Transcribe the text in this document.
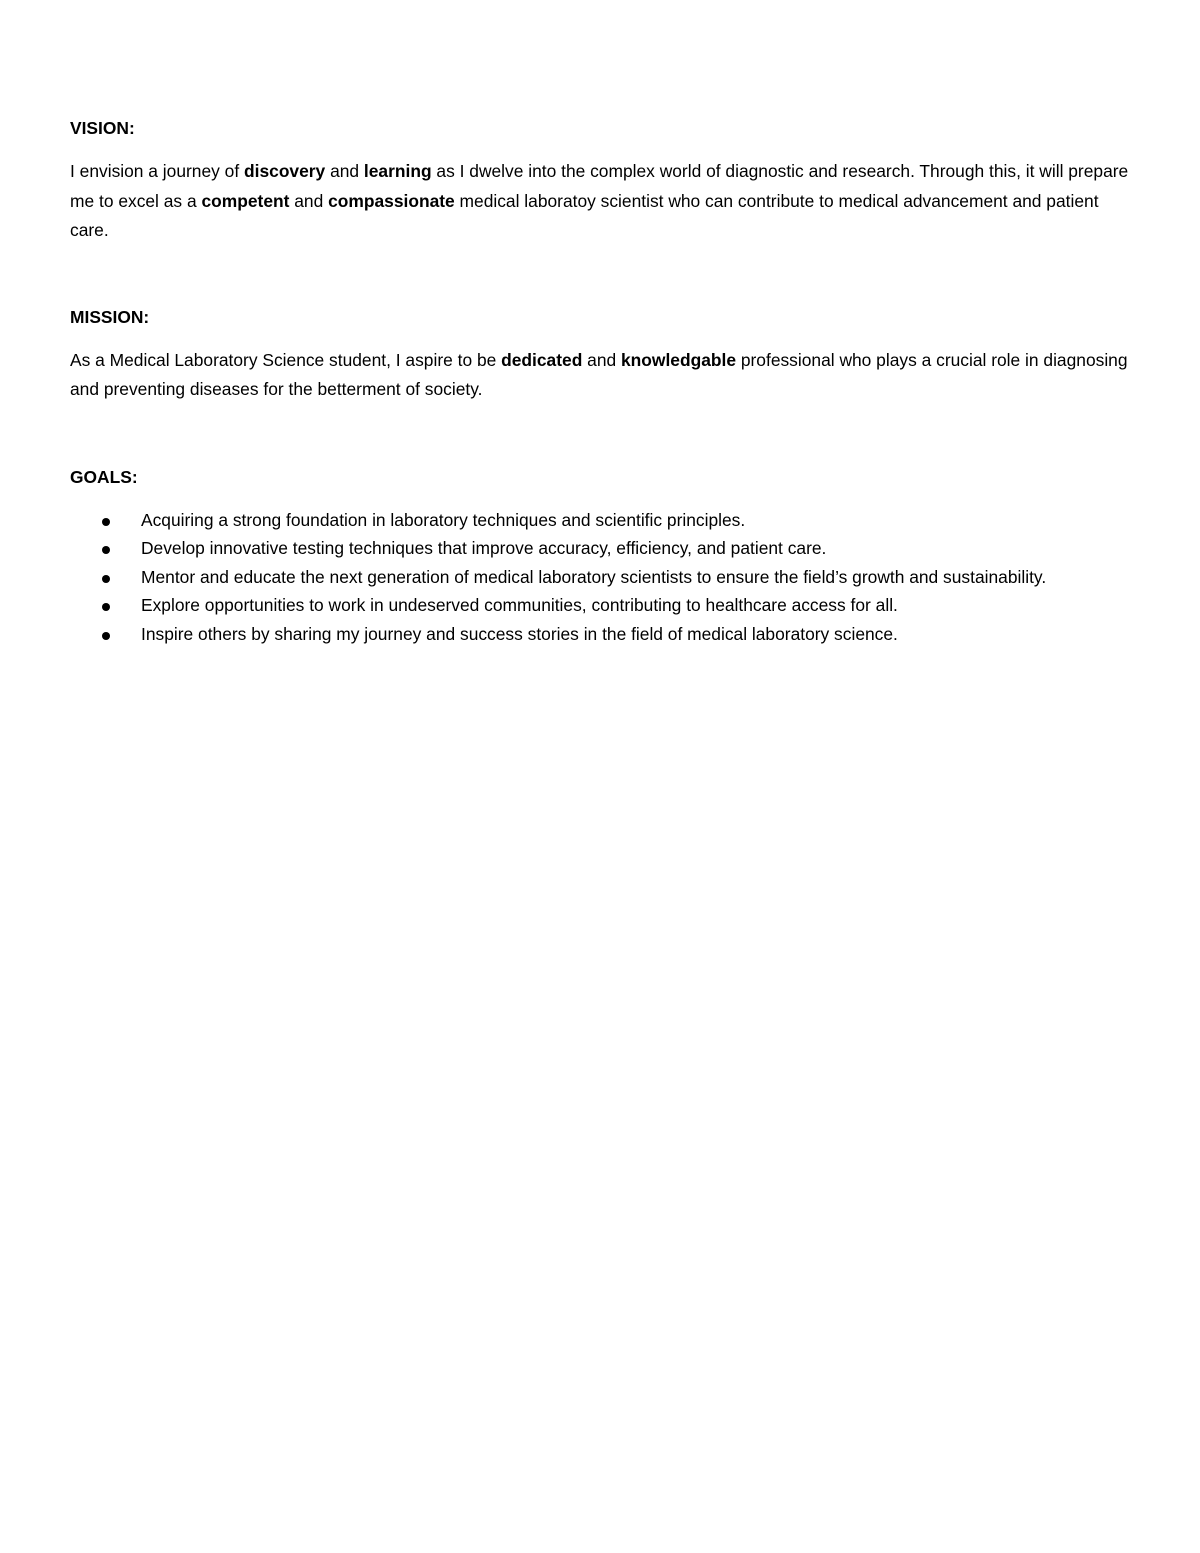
VISION:

I envision a journey of discovery and learning as I dwelve into the complex world of diagnostic and research. Through this, it will prepare me to excel as a competent and compassionate medical laboratoy scientist who can contribute to medical advancement and patient care.

MISSION:

As a Medical Laboratory Science student, I aspire to be dedicated and knowledgable professional who plays a crucial role in diagnosing and preventing diseases for the betterment of society.

GOALS:
Acquiring a strong foundation in laboratory techniques and scientific principles.
Develop innovative testing techniques that improve accuracy, efficiency, and patient care.
Mentor and educate the next generation of medical laboratory scientists to ensure the field’s growth and sustainability.
Explore opportunities to work in undeserved communities, contributing to healthcare access for all.
Inspire others by sharing my journey and success stories in the field of medical laboratory science.
